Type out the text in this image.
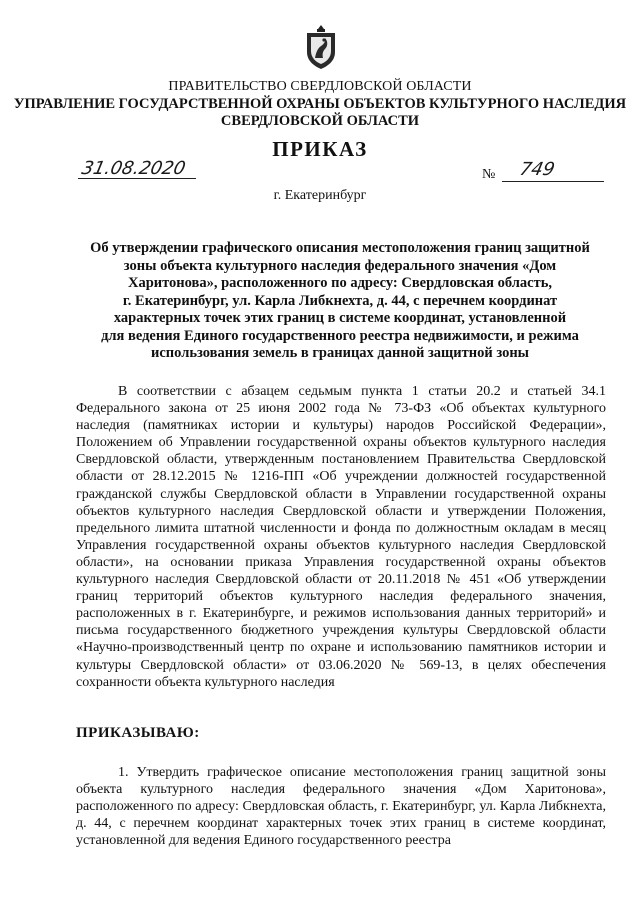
ПРАВИТЕЛЬСТВО СВЕРДЛОВСКОЙ ОБЛАСТИ
УПРАВЛЕНИЕ ГОСУДАРСТВЕННОЙ ОХРАНЫ ОБЪЕКТОВ КУЛЬТУРНОГО НАСЛЕДИЯ
СВЕРДЛОВСКОЙ ОБЛАСТИ
ПРИКАЗ
31.08.2020	№ 749
г. Екатеринбург
Об утверждении графического описания местоположения границ защитной
зоны объекта культурного наследия федерального значения «Дом
Харитонова», расположенного по адресу: Свердловская область,
г. Екатеринбург, ул. Карла Либкнехта, д. 44, с перечнем координат
характерных точек этих границ в системе координат, установленной
для ведения Единого государственного реестра недвижимости, и режима
использования земель в границах данной защитной зоны
В соответствии с абзацем седьмым пункта 1 статьи 20.2 и статьей 34.1 Федерального закона от 25 июня 2002 года № 73-ФЗ «Об объектах культурного наследия (памятниках истории и культуры) народов Российской Федерации», Положением об Управлении государственной охраны объектов культурного наследия Свердловской области, утвержденным постановлением Правительства Свердловской области от 28.12.2015 № 1216-ПП «Об учреждении должностей государственной гражданской службы Свердловской области в Управлении государственной охраны объектов культурного наследия Свердловской области и утверждении Положения, предельного лимита штатной численности и фонда по должностным окладам в месяц Управления государственной охраны объектов культурного наследия Свердловской области», на основании приказа Управления государственной охраны объектов культурного наследия Свердловской области от 20.11.2018 № 451 «Об утверждении границ территорий объектов культурного наследия федерального значения, расположенных в г. Екатеринбурге, и режимов использования данных территорий» и письма государственного бюджетного учреждения культуры Свердловской области «Научно-производственный центр по охране и использованию памятников истории и культуры Свердловской области» от 03.06.2020 № 569-13, в целях обеспечения сохранности объекта культурного наследия
ПРИКАЗЫВАЮ:
1. Утвердить графическое описание местоположения границ защитной зоны объекта культурного наследия федерального значения «Дом Харитонова», расположенного по адресу: Свердловская область, г. Екатеринбург, ул. Карла Либкнехта, д. 44, с перечнем координат характерных точек этих границ в системе координат, установленной для ведения Единого государственного реестра
